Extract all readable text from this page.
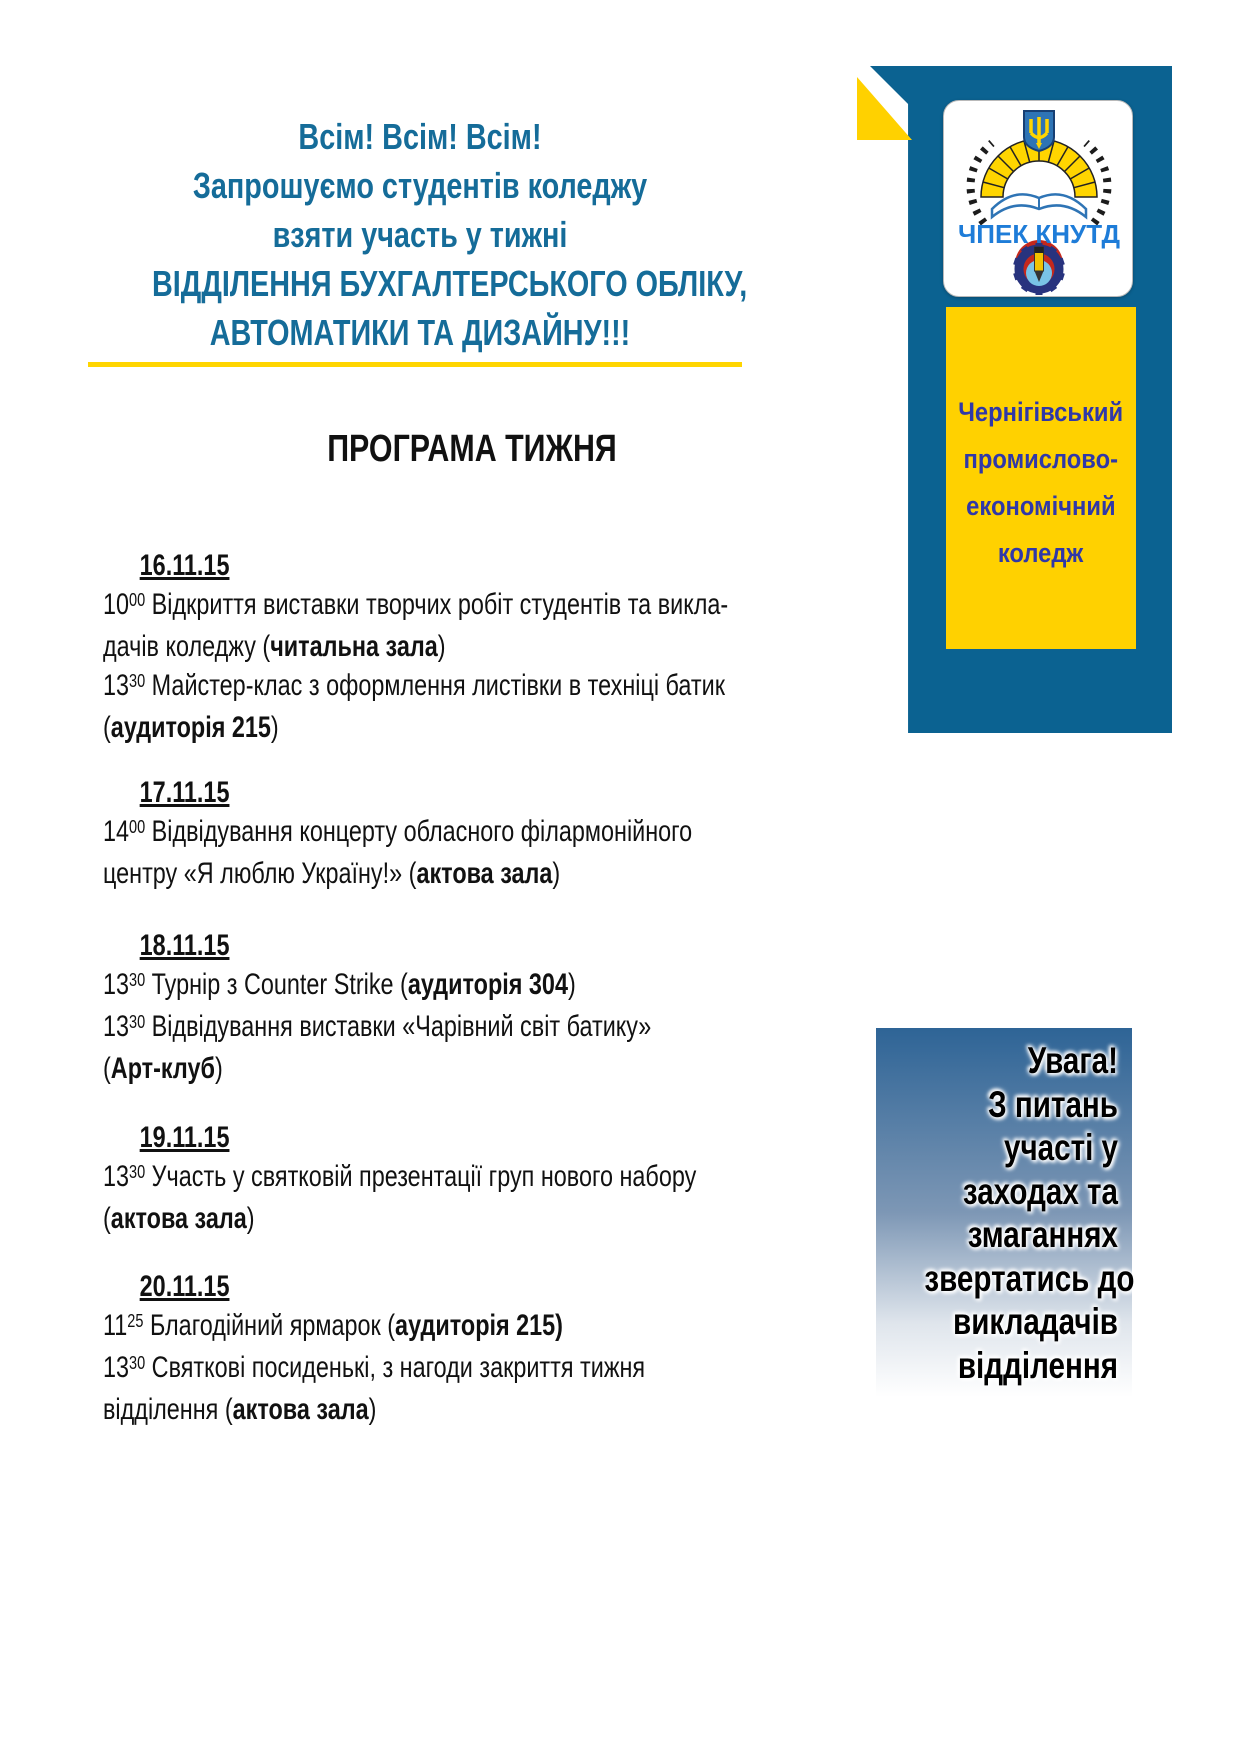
Всім! Всім! Всім!
Запрошуємо студентів коледжу
взяти участь у тижні
ВІДДІЛЕННЯ БУХГАЛТЕРСЬКОГО ОБЛІКУ,
АВТОМАТИКИ ТА ДИЗАЙНУ!!!
ПРОГРАМА ТИЖНЯ
16.11.15
$10^{00}$ Відкриття виставки творчих робіт студентів та викла-
дачів коледжу (читальна зала)
$13^{30}$ Майстер-клас з оформлення листівки в техніці батик
(аудиторія 215)
17.11.15
$14^{00}$ Відвідування концерту обласного філармонійного
центру «Я люблю Україну!» (актова зала)
18.11.15
$13^{30}$ Турнір з Counter Strike (аудиторія 304)
$13^{30}$ Відвідування виставки «Чарівний світ батику»
(Арт-клуб)
19.11.15
$13^{30}$ Участь у святковій презентації груп нового набору
(актова зала)
20.11.15
$11^{25}$ Благодійний ярмарок (аудиторія 215)
$13^{30}$ Святкові посиденькі, з нагоди закриття тижня
відділення (актова зала)
ЧПЕК КНУТД
Чернігівський
промислово-
економічний
коледж
Увага!
З питань
участі у
заходах та
змаганнях
звертатись до
викладачів
відділення
